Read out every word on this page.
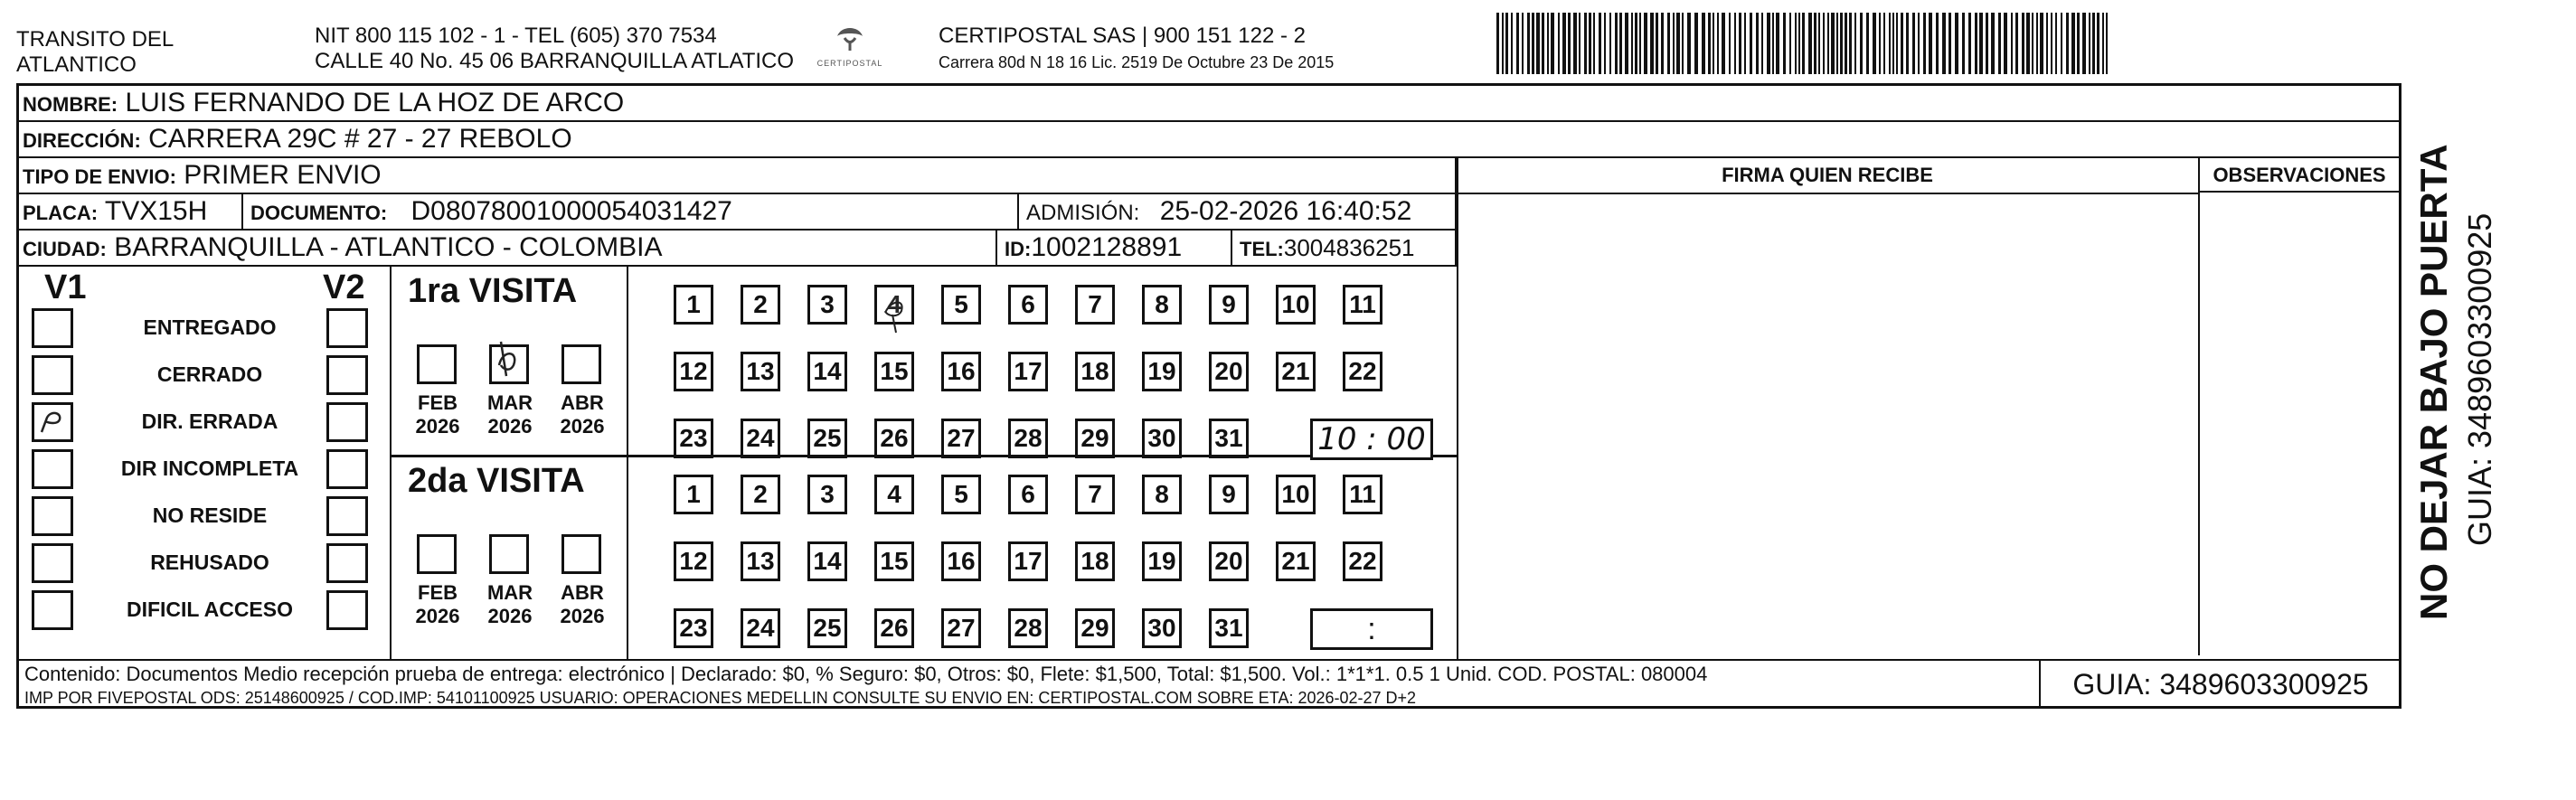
TRANSITO DEL
ATLANTICO
NIT 800 115 102 - 1 - TEL (605) 370 7534
CALLE 40 No. 45 06 BARRANQUILLA ATLATICO	CERTIPOSTAL
CERTIPOSTAL SAS | 900 151 122 - 2
Carrera 80d N 18 16 Lic. 2519 De Octubre 23 De 2015
NOMBRE: LUIS FERNANDO DE LA HOZ DE ARCO
DIRECCIÓN: CARRERA 29C # 27 - 27 REBOLO
TIPO DE ENVIO: PRIMER ENVIO	FIRMA QUIEN RECIBE	OBSERVACIONES
PLACA: TVX15H	DOCUMENTO: D08078001000054031427	ADMISIÓN: 25-02-2026 16:40:52
CIUDAD: BARRANQUILLA - ATLANTICO - COLOMBIA	ID:1002128891	TEL:3004836251
V1	V2
ENTREGADO
CERRADO
DIR. ERRADA
DIR INCOMPLETA
NO RESIDE
REHUSADO
DIFICIL ACCESO
1ra VISITA
FEB
2026
MAR
2026
ABR
2026
1	2	3	4	5	6	7	8	9	10 11
12 13 14 15 16 17 18 19 20 21 22
23 24 25 26 27 28 29 30 31 10 : 00
2da VISITA
FEB
2026
MAR
2026
ABR
2026
1	2	3	4	5	6	7	8	9	10 11
12 13 14 15 16 17 18 19 20 21 22
23 24 25 26 27 28 29 30 31	:
Contenido: Documentos Medio recepción prueba de entrega: electrónico | Declarado: $0, % Seguro: $0, Otros: $0, Flete: $1,500, Total: $1,500. Vol.: 1*1*1. 0.5 1 Unid. COD. POSTAL: 080004
IMP POR FIVEPOSTAL ODS: 25148600925 / COD.IMP: 54101100925 USUARIO: OPERACIONES MEDELLIN CONSULTE SU ENVIO EN: CERTIPOSTAL.COM SOBRE ETA: 2026-02-27 D+2	GUIA: 3489603300925
NO DEJAR BAJO PUERTA GUIA: 3489603300925
